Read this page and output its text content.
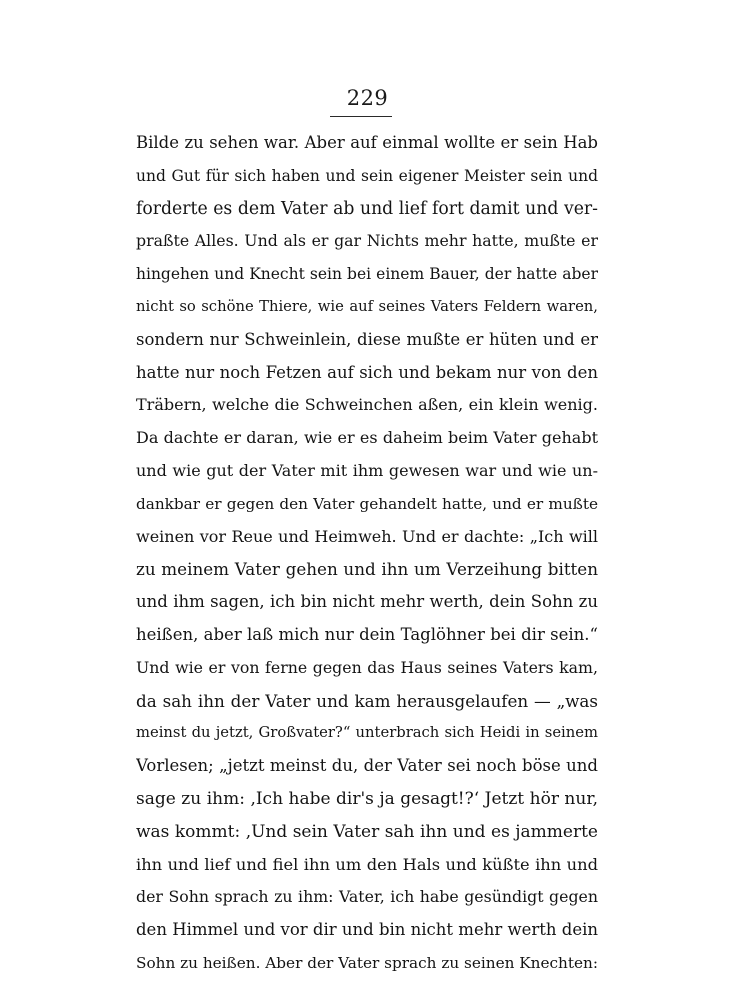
229
Bilde zu sehen war. Aber auf einmal wollte er sein Hab
und Gut für sich haben und sein eigener Meister sein und
forderte es dem Vater ab und lief fort damit und ver-
praßte Alles. Und als er gar Nichts mehr hatte, mußte er
hingehen und Knecht sein bei einem Bauer, der hatte aber
nicht so schöne Thiere, wie auf seines Vaters Feldern waren,
sondern nur Schweinlein, diese mußte er hüten und er
hatte nur noch Fetzen auf sich und bekam nur von den
Träbern, welche die Schweinchen aßen, ein klein wenig.
Da dachte er daran, wie er es daheim beim Vater gehabt
und wie gut der Vater mit ihm gewesen war und wie un-
dankbar er gegen den Vater gehandelt hatte, und er mußte
weinen vor Reue und Heimweh. Und er dachte: „Ich will
zu meinem Vater gehen und ihn um Verzeihung bitten
und ihm sagen, ich bin nicht mehr werth, dein Sohn zu
heißen, aber laß mich nur dein Taglöhner bei dir sein.“
Und wie er von ferne gegen das Haus seines Vaters kam,
da sah ihn der Vater und kam herausgelaufen — „was
meinst du jetzt, Großvater?“ unterbrach sich Heidi in seinem
Vorlesen; „jetzt meinst du, der Vater sei noch böse und
sage zu ihm: ‚Ich habe dir's ja gesagt!?‘ Jetzt hör nur,
was kommt: ‚Und sein Vater sah ihn und es jammerte
ihn und lief und fiel ihn um den Hals und küßte ihn und
der Sohn sprach zu ihm: Vater, ich habe gesündigt gegen
den Himmel und vor dir und bin nicht mehr werth dein
Sohn zu heißen. Aber der Vater sprach zu seinen Knechten:
